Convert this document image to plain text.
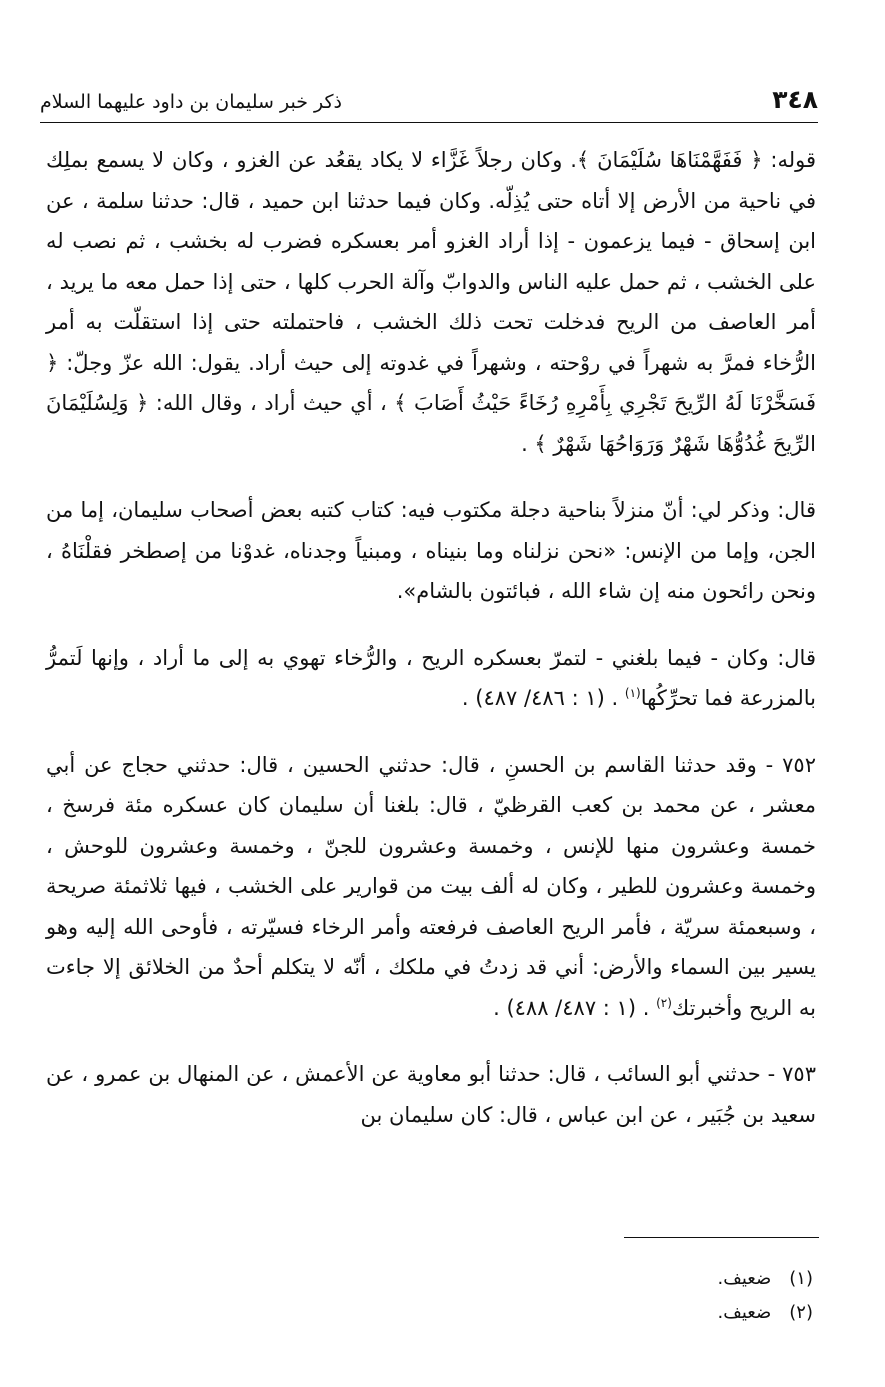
٣٤٨
ذكر خبر سليمان بن داود عليهما السلام

قوله: ﴿ فَفَهَّمْنَاهَا سُلَيْمَانَ ﴾. وكان رجلاً غَزَّاء لا يكاد يقعُد عن الغزو ، وكان لا يسمع بملِك في ناحية من الأرض إلا أتاه حتى يُذِلّه. وكان فيما حدثنا ابن حميد ، قال: حدثنا سلمة ، عن ابن إسحاق - فيما يزعمون - إذا أراد الغزو أمر بعسكره فضرب له بخشب ، ثم نصب له على الخشب ، ثم حمل عليه الناس والدوابّ وآلة الحرب كلها ، حتى إذا حمل معه ما يريد ، أمر العاصف من الريح فدخلت تحت ذلك الخشب ، فاحتملته حتى إذا استقلّت به أمر الرُّخاء فمرَّ به شهراً في روْحته ، وشهراً في غدوته إلى حيث أراد. يقول: الله عزّ وجلّ: ﴿ فَسَخَّرْنَا لَهُ الرِّيحَ تَجْرِي بِأَمْرِهِ رُخَاءً حَيْثُ أَصَابَ ﴾ ، أي حيث أراد ، وقال الله: ﴿ وَلِسُلَيْمَانَ الرِّيحَ غُدُوُّهَا شَهْرٌ وَرَوَاحُهَا شَهْرٌ ﴾ .

قال: وذكر لي: أنّ منزلاً بناحية دجلة مكتوب فيه: كتاب كتبه بعض أصحاب سليمان، إما من الجن، وإما من الإنس: «نحن نزلناه وما بنيناه ، ومبنياً وجدناه، غدوْنا من إصطخر فقلْنَاهُ ، ونحن رائحون منه إن شاء الله ، فبائتون بالشام».

قال: وكان - فيما بلغني - لتمرّ بعسكره الريح ، والرُّخاء تهوي به إلى ما أراد ، وإنها لَتمرُّ بالمزرعة فما تحرِّكُها$^{(١)}$ . (١ : ٤٨٦/ ٤٨٧) .

٧٥٢ - وقد حدثنا القاسم بن الحسنِ ، قال: حدثني الحسين ، قال: حدثني حجاج عن أبي معشر ، عن محمد بن كعب القرظيّ ، قال: بلغنا أن سليمان كان عسكره مئة فرسخ ، خمسة وعشرون منها للإنس ، وخمسة وعشرون للجنّ ، وخمسة وعشرون للوحش ، وخمسة وعشرون للطير ، وكان له ألف بيت من قوارير على الخشب ، فيها ثلاثمئة صريحة ، وسبعمئة سريّة ، فأمر الريح العاصف فرفعته وأمر الرخاء فسيّرته ، فأوحى الله إليه وهو يسير بين السماء والأرض: أني قد زدتُ في ملكك ، أنّه لا يتكلم أحدٌ من الخلائق إلا جاءت به الريح وأخبرتك$^{(٢)}$ . (١ : ٤٨٧/ ٤٨٨) .

٧٥٣ - حدثني أبو السائب ، قال: حدثنا أبو معاوية عن الأعمش ، عن المنهال بن عمرو ، عن سعيد بن جُبَير ، عن ابن عباس ، قال: كان سليمان بن

(١) ضعيف.
(٢) ضعيف.
